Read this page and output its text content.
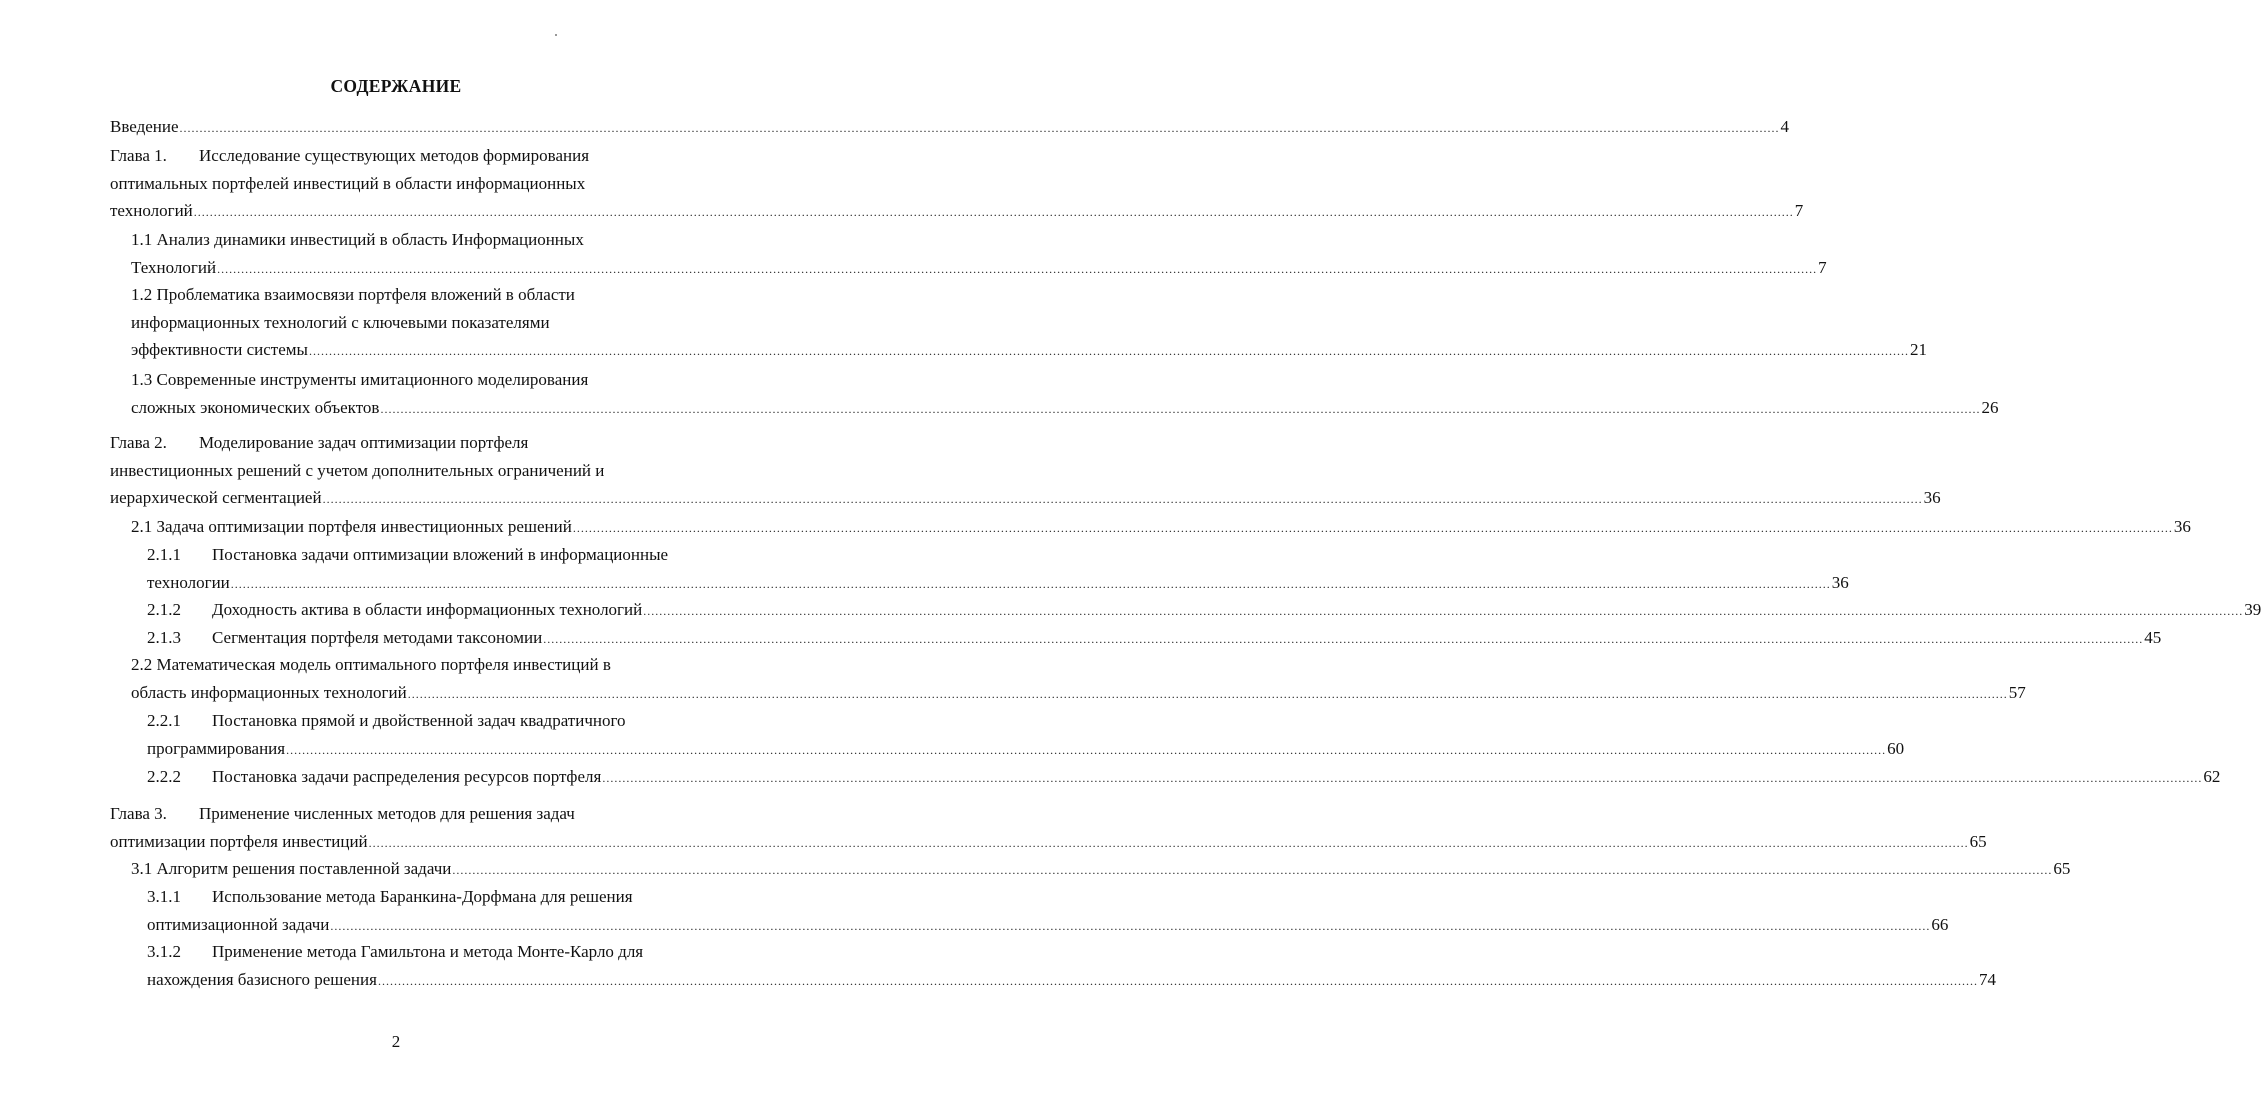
СОДЕРЖАНИЕ
Введение ................................................................................................................................................................................................................................................................................................................................................................................................................ 4
Глава 1. Исследование существующих методов формирования
оптимальных портфелей инвестиций в области информационных
технологий ................................................................................................................................................................................................................................................................................................................................................................................................................ 7
1.1 Анализ динамики инвестиций в область Информационных
Технологий ................................................................................................................................................................................................................................................................................................................................................................................................................ 7
1.2 Проблематика взаимосвязи портфеля вложений в области
информационных технологий с ключевыми показателями
эффективности системы ................................................................................................................................................................................................................................................................................................................................................................................................................ 21
1.3 Современные инструменты имитационного моделирования
сложных экономических объектов ................................................................................................................................................................................................................................................................................................................................................................................................................ 26
Глава 2. Моделирование задач оптимизации портфеля
инвестиционных решений с учетом дополнительных ограничений и
иерархической сегментацией ................................................................................................................................................................................................................................................................................................................................................................................................................ 36
2.1 Задача оптимизации портфеля инвестиционных решений ................................................................................................................................................................................................................................................................................................................................................................................................................ 36
2.1.1 Постановка задачи оптимизации вложений в информационные
технологии ................................................................................................................................................................................................................................................................................................................................................................................................................ 36
2.1.2 Доходность актива в области информационных технологий ................................................................................................................................................................................................................................................................................................................................................................................................................ 39
2.1.3 Сегментация портфеля методами таксономии ................................................................................................................................................................................................................................................................................................................................................................................................................ 45
2.2 Математическая модель оптимального портфеля инвестиций в
область информационных технологий ................................................................................................................................................................................................................................................................................................................................................................................................................ 57
2.2.1 Постановка прямой и двойственной задач квадратичного
программирования ................................................................................................................................................................................................................................................................................................................................................................................................................ 60
2.2.2 Постановка задачи распределения ресурсов портфеля ................................................................................................................................................................................................................................................................................................................................................................................................................ 62
Глава 3. Применение численных методов для решения задач
оптимизации портфеля инвестиций ................................................................................................................................................................................................................................................................................................................................................................................................................ 65
3.1 Алгоритм решения поставленной задачи ................................................................................................................................................................................................................................................................................................................................................................................................................ 65
3.1.1 Использование метода Баранкина-Дорфмана для решения
оптимизационной задачи ................................................................................................................................................................................................................................................................................................................................................................................................................ 66
3.1.2 Применение метода Гамильтона и метода Монте-Карло для
нахождения базисного решения ................................................................................................................................................................................................................................................................................................................................................................................................................ 74
2
